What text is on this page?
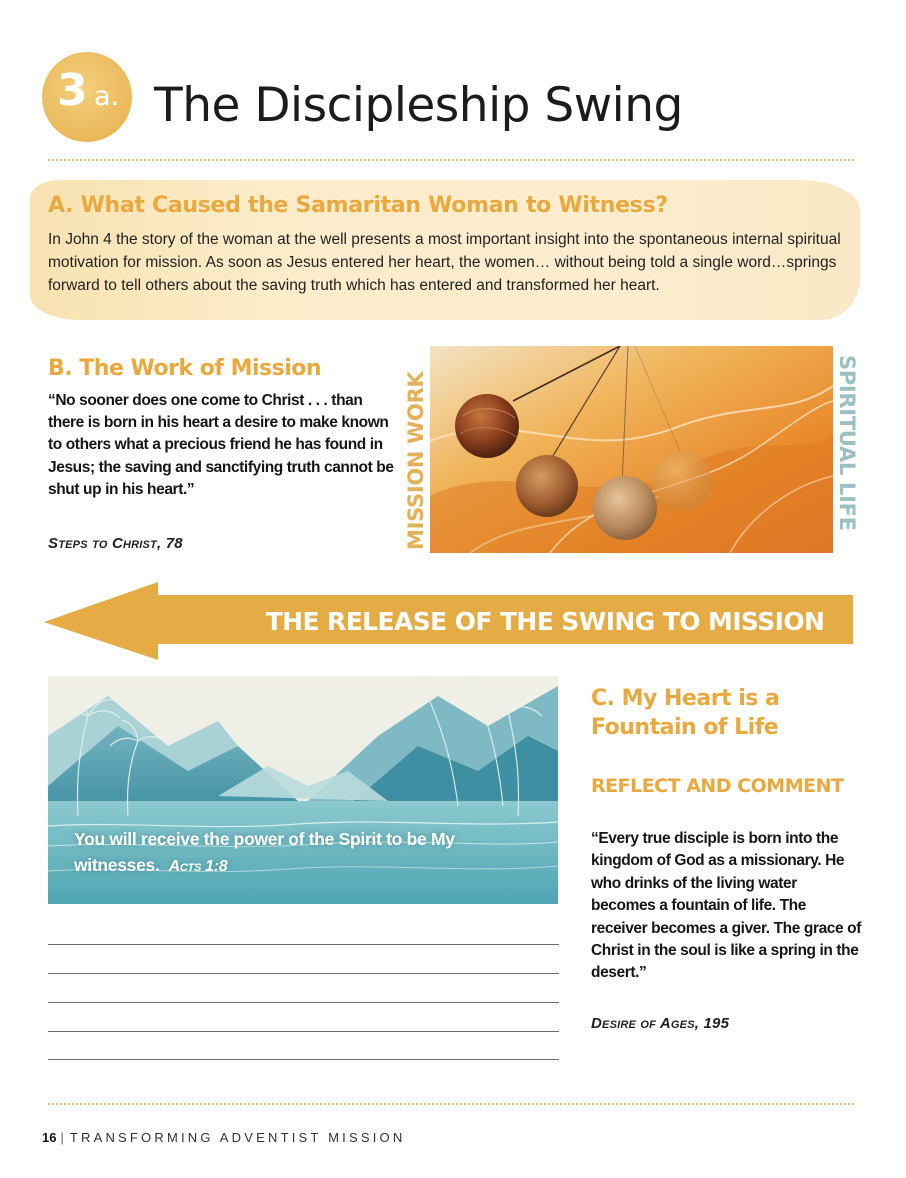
3 a. The Discipleship Swing
A. What Caused the Samaritan Woman to Witness?
In John 4 the story of the woman at the well presents a most important insight into the spontaneous internal spiritual motivation for mission. As soon as Jesus entered her heart, the women… without being told a single word…springs forward to tell others about the saving truth which has entered and transformed her heart.
B. The Work of Mission
“No sooner does one come to Christ . . . than there is born in his heart a desire to make known to others what a precious friend he has found in Jesus; the saving and sanctifying truth cannot be shut up in his heart.”
Steps to Christ, 78	MISSION WORK	SPIRITUAL LIFE
THE RELEASE OF THE SWING TO MISSION
You will receive the power of the Spirit to be My witnesses. Acts 1:8
C. My Heart is a Fountain of Life
REFLECT AND COMMENT
“Every true disciple is born into the kingdom of God as a missionary. He who drinks of the living water becomes a fountain of life. The receiver becomes a giver. The grace of Christ in the soul is like a spring in the desert.”
Desire of Ages, 195
16 | TRANSFORMING ADVENTIST MISSION
